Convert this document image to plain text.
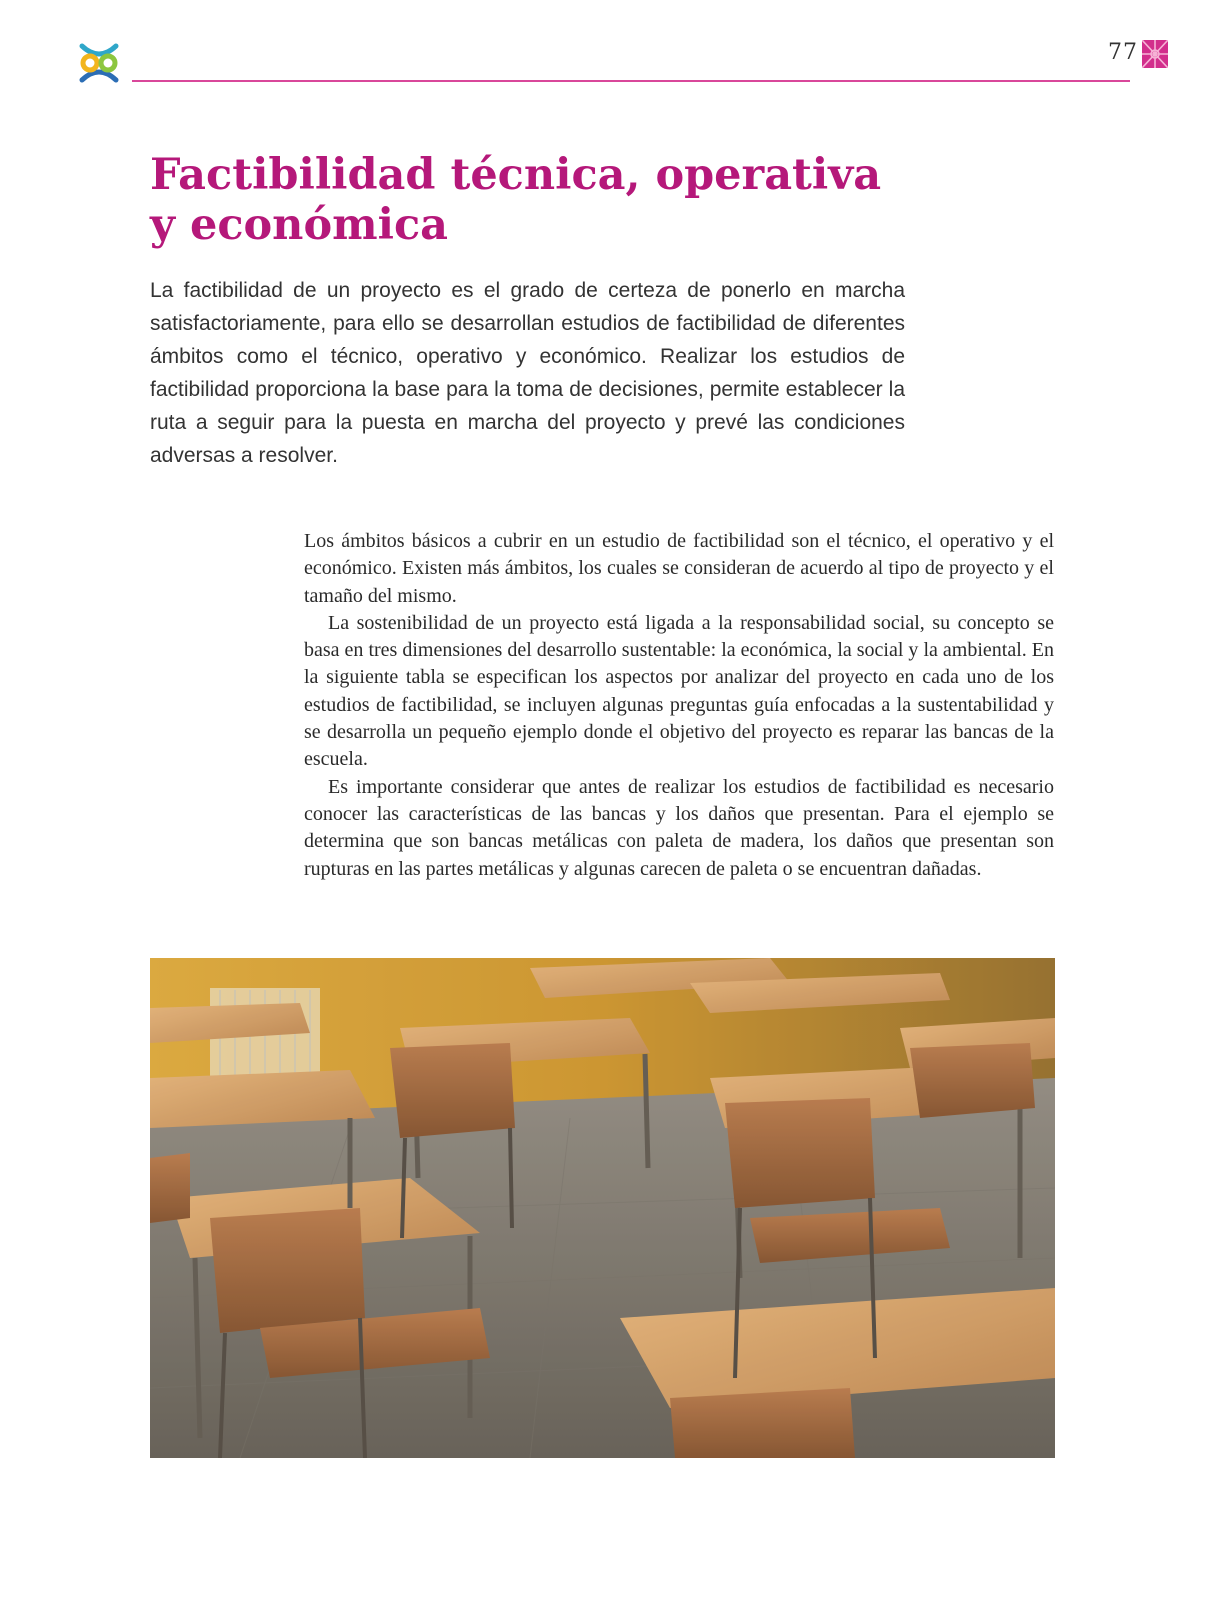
77
Factibilidad técnica, operativa
y económica

La factibilidad de un proyecto es el grado de certeza de ponerlo en marcha satisfactoriamente, para ello se desarrollan estudios de factibilidad de diferentes ámbitos como el técnico, operativo y económico. Realizar los estudios de factibilidad proporciona la base para la toma de decisiones, permite establecer la ruta a seguir para la puesta en marcha del proyecto y prevé las condiciones adversas a resolver.

Los ámbitos básicos a cubrir en un estudio de factibilidad son el técnico, el operativo y el económico. Existen más ámbitos, los cuales se consideran de acuerdo al tipo de proyecto y el tamaño del mismo.

La sostenibilidad de un proyecto está ligada a la responsabilidad social, su concepto se basa en tres dimensiones del desarrollo sustentable: la económica, la social y la ambiental. En la siguiente tabla se especifican los aspectos por analizar del proyecto en cada uno de los estudios de factibilidad, se incluyen algunas preguntas guía enfocadas a la sustentabilidad y se desarrolla un pequeño ejemplo donde el objetivo del proyecto es reparar las bancas de la escuela.

Es importante considerar que antes de realizar los estudios de factibilidad es necesario conocer las características de las bancas y los daños que presentan. Para el ejemplo se determina que son bancas metálicas con paleta de madera, los daños que presentan son rupturas en las partes metálicas y algunas carecen de paleta o se encuentran dañadas.
